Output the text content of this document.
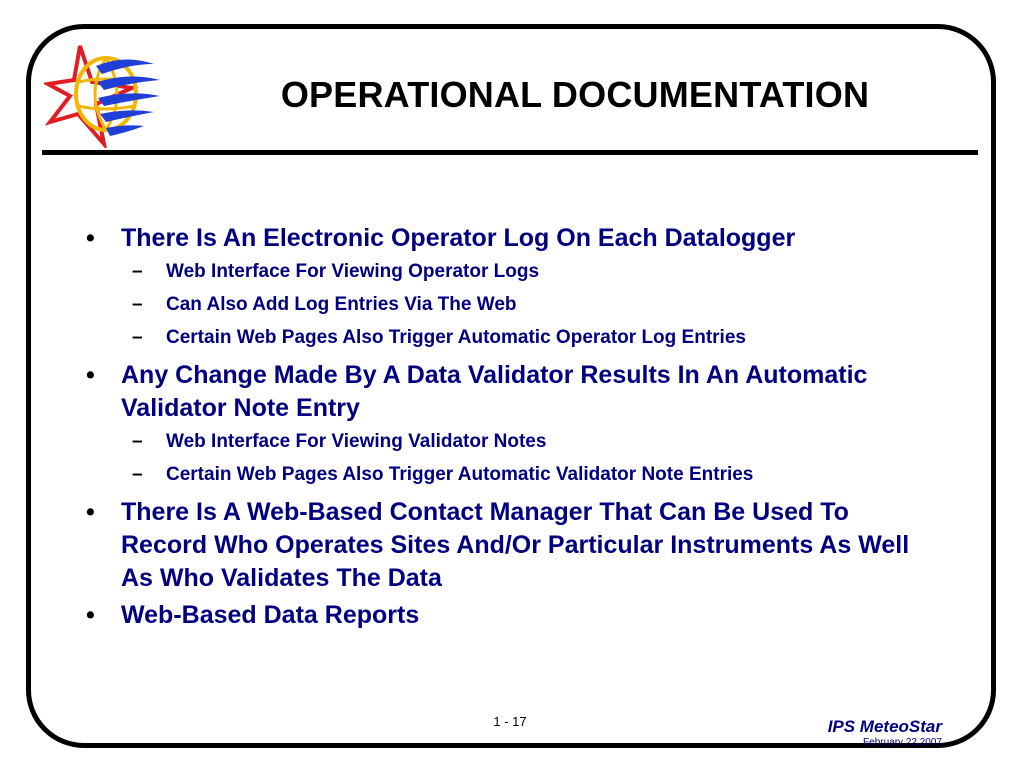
OPERATIONAL DOCUMENTATION
• There Is An Electronic Operator Log On Each Datalogger
– Web Interface For Viewing Operator Logs
– Can Also Add Log Entries Via The Web
– Certain Web Pages Also Trigger Automatic Operator Log Entries
• Any Change Made By A Data Validator Results In An Automatic Validator Note Entry
– Web Interface For Viewing Validator Notes
– Certain Web Pages Also Trigger Automatic Validator Note Entries
• There Is A Web-Based Contact Manager That Can Be Used To Record Who Operates Sites And/Or Particular Instruments As Well As Who Validates The Data
• Web-Based Data Reports
1 - 17	IPS MeteoStar
February 22,2007
